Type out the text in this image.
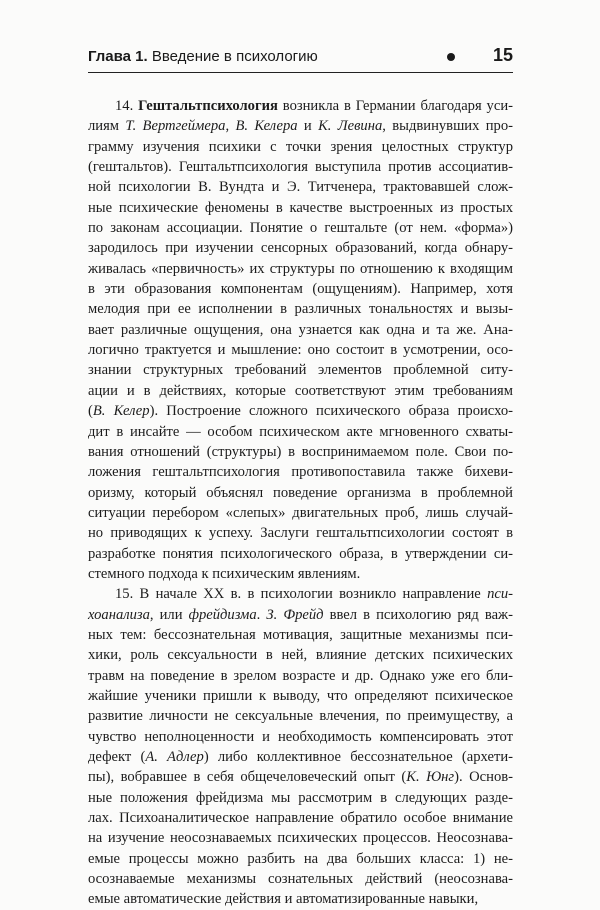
Глава 1. Введение в психологию	15
14. Гештальтпсихология возникла в Германии благодаря уси-
лиям Т. Вертгеймера, В. Келера и К. Левина, выдвинувших про-
грамму изучения психики с точки зрения целостных структур
(гештальтов). Гештальтпсихология выступила против ассоциатив-
ной психологии В. Вундта и Э. Титченера, трактовавшей слож-
ные психические феномены в качестве выстроенных из простых
по законам ассоциации. Понятие о гештальте (от нем. «форма»)
зародилось при изучении сенсорных образований, когда обнару-
живалась «первичность» их структуры по отношению к входящим
в эти образования компонентам (ощущениям). Например, хотя
мелодия при ее исполнении в различных тональностях и вызы-
вает различные ощущения, она узнается как одна и та же. Ана-
логично трактуется и мышление: оно состоит в усмотрении, осо-
знании структурных требований элементов проблемной ситу-
ации и в действиях, которые соответствуют этим требованиям
(В. Келер). Построение сложного психического образа происхо-
дит в инсайте — особом психическом акте мгновенного схваты-
вания отношений (структуры) в воспринимаемом поле. Свои по-
ложения гештальтпсихология противопоставила также бихеви-
оризму, который объяснял поведение организма в проблемной
ситуации перебором «слепых» двигательных проб, лишь случай-
но приводящих к успеху. Заслуги гештальтпсихологии состоят в
разработке понятия психологического образа, в утверждении си-
стемного подхода к психическим явлениям.
15. В начале XX в. в психологии возникло направление пси-
хоанализа, или фрейдизма. З. Фрейд ввел в психологию ряд важ-
ных тем: бессознательная мотивация, защитные механизмы пси-
хики, роль сексуальности в ней, влияние детских психических
травм на поведение в зрелом возрасте и др. Однако уже его бли-
жайшие ученики пришли к выводу, что определяют психическое
развитие личности не сексуальные влечения, по преимуществу, а
чувство неполноценности и необходимость компенсировать этот
дефект (А. Адлер) либо коллективное бессознательное (архети-
пы), вобравшее в себя общечеловеческий опыт (К. Юнг). Основ-
ные положения фрейдизма мы рассмотрим в следующих разде-
лах. Психоаналитическое направление обратило особое внимание
на изучение неосознаваемых психических процессов. Неосознава-
емые процессы можно разбить на два больших класса: 1) не-
осознаваемые механизмы сознательных действий (неосознава-
емые автоматические действия и автоматизированные навыки,
